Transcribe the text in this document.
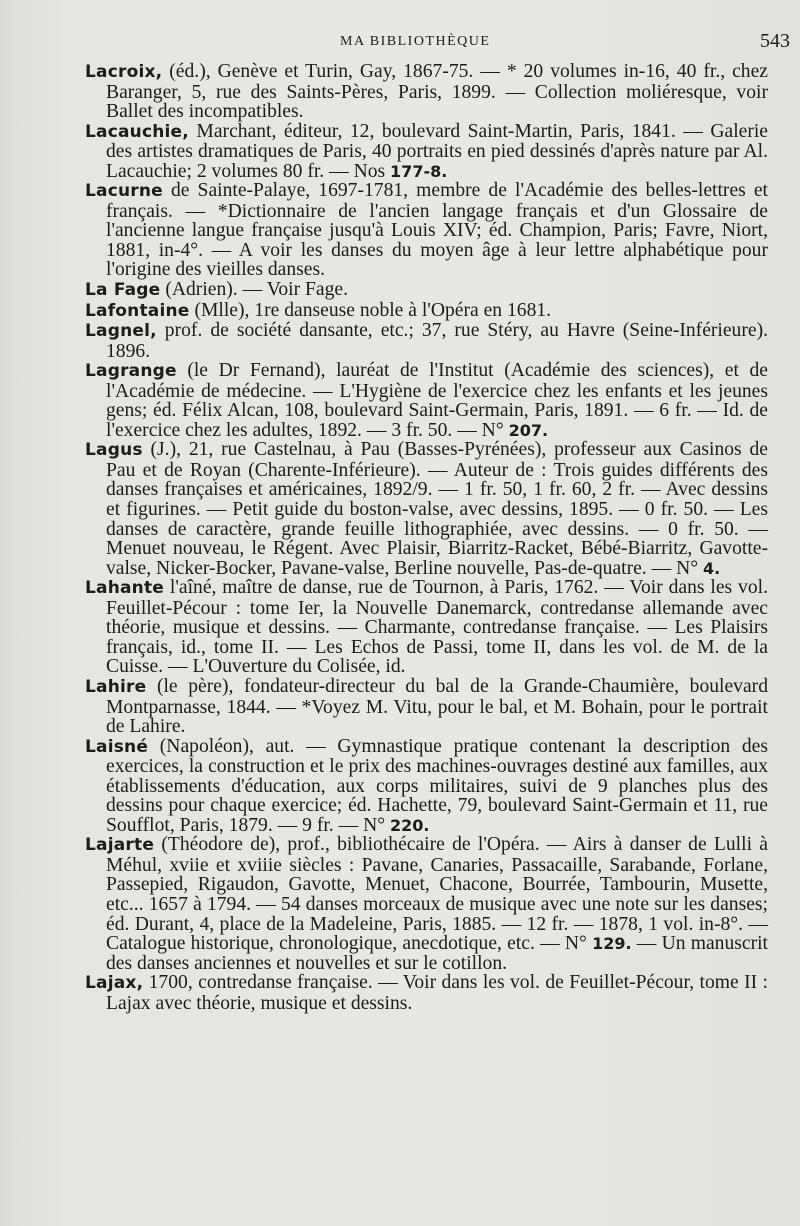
MA BIBLIOTHÈQUE	543

Lacroix, (éd.), Genève et Turin, Gay, 1867-75. — * 20 volumes in-16, 40 fr., chez Baranger, 5, rue des Saints-Pères, Paris, 1899. — Collection moliéresque, voir Ballet des incompatibles.

Lacauchie, Marchant, éditeur, 12, boulevard Saint-Martin, Paris, 1841. — Galerie des artistes dramatiques de Paris, 40 portraits en pied dessinés d'après nature par Al. Lacauchie; 2 volumes 80 fr. — Nos 177-8.

Lacurne de Sainte-Palaye, 1697-1781, membre de l'Académie des belles-lettres et français. — *Dictionnaire de l'ancien langage français et d'un Glossaire de l'ancienne langue française jusqu'à Louis XIV; éd. Champion, Paris; Favre, Niort, 1881, in-4°. — A voir les danses du moyen âge à leur lettre alphabétique pour l'origine des vieilles danses.

La Fage (Adrien). — Voir Fage.

Lafontaine (Mlle), 1re danseuse noble à l'Opéra en 1681.

Lagnel, prof. de société dansante, etc.; 37, rue Stéry, au Havre (Seine-Inférieure). 1896.

Lagrange (le Dr Fernand), lauréat de l'Institut (Académie des sciences), et de l'Académie de médecine. — L'Hygiène de l'exercice chez les enfants et les jeunes gens; éd. Félix Alcan, 108, boulevard Saint-Germain, Paris, 1891. — 6 fr. — Id. de l'exercice chez les adultes, 1892. — 3 fr. 50. — N° 207.

Lagus (J.), 21, rue Castelnau, à Pau (Basses-Pyrénées), professeur aux Casinos de Pau et de Royan (Charente-Inférieure). — Auteur de : Trois guides différents des danses françaises et américaines, 1892/9. — 1 fr. 50, 1 fr. 60, 2 fr. — Avec dessins et figurines. — Petit guide du boston-valse, avec dessins, 1895. — 0 fr. 50. — Les danses de caractère, grande feuille lithographiée, avec dessins. — 0 fr. 50. — Menuet nouveau, le Régent. Avec Plaisir, Biarritz-Racket, Bébé-Biarritz, Gavotte-valse, Nicker-Bocker, Pavane-valse, Berline nouvelle, Pas-de-quatre. — N° 4.

Lahante l'aîné, maître de danse, rue de Tournon, à Paris, 1762. — Voir dans les vol. Feuillet-Pécour : tome Ier, la Nouvelle Danemarck, contredanse allemande avec théorie, musique et dessins. — Charmante, contredanse française. — Les Plaisirs français, id., tome II. — Les Echos de Passi, tome II, dans les vol. de M. de la Cuisse. — L'Ouverture du Colisée, id.

Lahire (le père), fondateur-directeur du bal de la Grande-Chaumière, boulevard Montparnasse, 1844. — *Voyez M. Vitu, pour le bal, et M. Bohain, pour le portrait de Lahire.

Laisné (Napoléon), aut. — Gymnastique pratique contenant la description des exercices, la construction et le prix des machines-ouvrages destiné aux familles, aux établissements d'éducation, aux corps militaires, suivi de 9 planches plus des dessins pour chaque exercice; éd. Hachette, 79, boulevard Saint-Germain et 11, rue Soufflot, Paris, 1879. — 9 fr. — N° 220.

Lajarte (Théodore de), prof., bibliothécaire de l'Opéra. — Airs à danser de Lulli à Méhul, xviie et xviiie siècles : Pavane, Canaries, Passacaille, Sarabande, Forlane, Passepied, Rigaudon, Gavotte, Menuet, Chacone, Bourrée, Tambourin, Musette, etc... 1657 à 1794. — 54 danses morceaux de musique avec une note sur les danses; éd. Durant, 4, place de la Madeleine, Paris, 1885. — 12 fr. — 1878, 1 vol. in-8°. — Catalogue historique, chronologique, anecdotique, etc. — N° 129. — Un manuscrit des danses anciennes et nouvelles et sur le cotillon.

Lajax, 1700, contredanse française. — Voir dans les vol. de Feuillet-Pécour, tome II : Lajax avec théorie, musique et dessins.
